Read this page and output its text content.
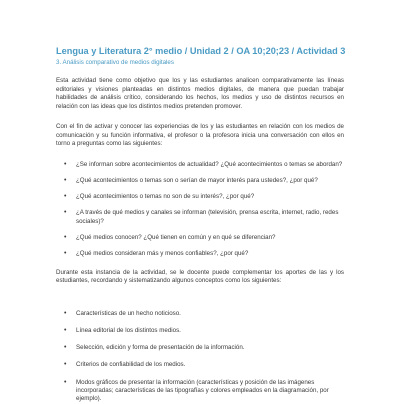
Lengua y Literatura 2° medio / Unidad 2 / OA 10;20;23 / Actividad 3
3. Análisis comparativo de medios digitales

Esta actividad tiene como objetivo que los y las estudiantes analicen comparativamente las líneas editoriales y visiones planteadas en distintos medios digitales, de manera que puedan trabajar habilidades de análisis crítico, considerando los hechos, los medios y uso de distintos recursos en relación con las ideas que los distintos medios pretenden promover.

Con el fin de activar y conocer las experiencias de los y las estudiantes en relación con los medios de comunicación y su función informativa, el profesor o la profesora inicia una conversación con ellos en torno a preguntas como las siguientes:

• ¿Se informan sobre acontecimientos de actualidad? ¿Qué acontecimientos o temas se abordan?
• ¿Qué acontecimientos o temas son o serían de mayor interés para ustedes?, ¿por qué?
• ¿Qué acontecimientos o temas no son de su interés?, ¿por qué?
• ¿A través de qué medios y canales se informan (televisión, prensa escrita, internet, radio, redes sociales)?
• ¿Qué medios conocen? ¿Qué tienen en común y en qué se diferencian?
• ¿Qué medios consideran más y menos confiables?, ¿por qué?

Durante esta instancia de la actividad, se le docente puede complementar los aportes de las y los estudiantes, recordando y sistematizando algunos conceptos como los siguientes:

• Características de un hecho noticioso.
• Línea editorial de los distintos medios.
• Selección, edición y forma de presentación de la información.
• Criterios de confiabilidad de los medios.
• Modos gráficos de presentar la información (características y posición de las imágenes incorporadas; características de las tipografías y colores empleados en la diagramación, por ejemplo).
